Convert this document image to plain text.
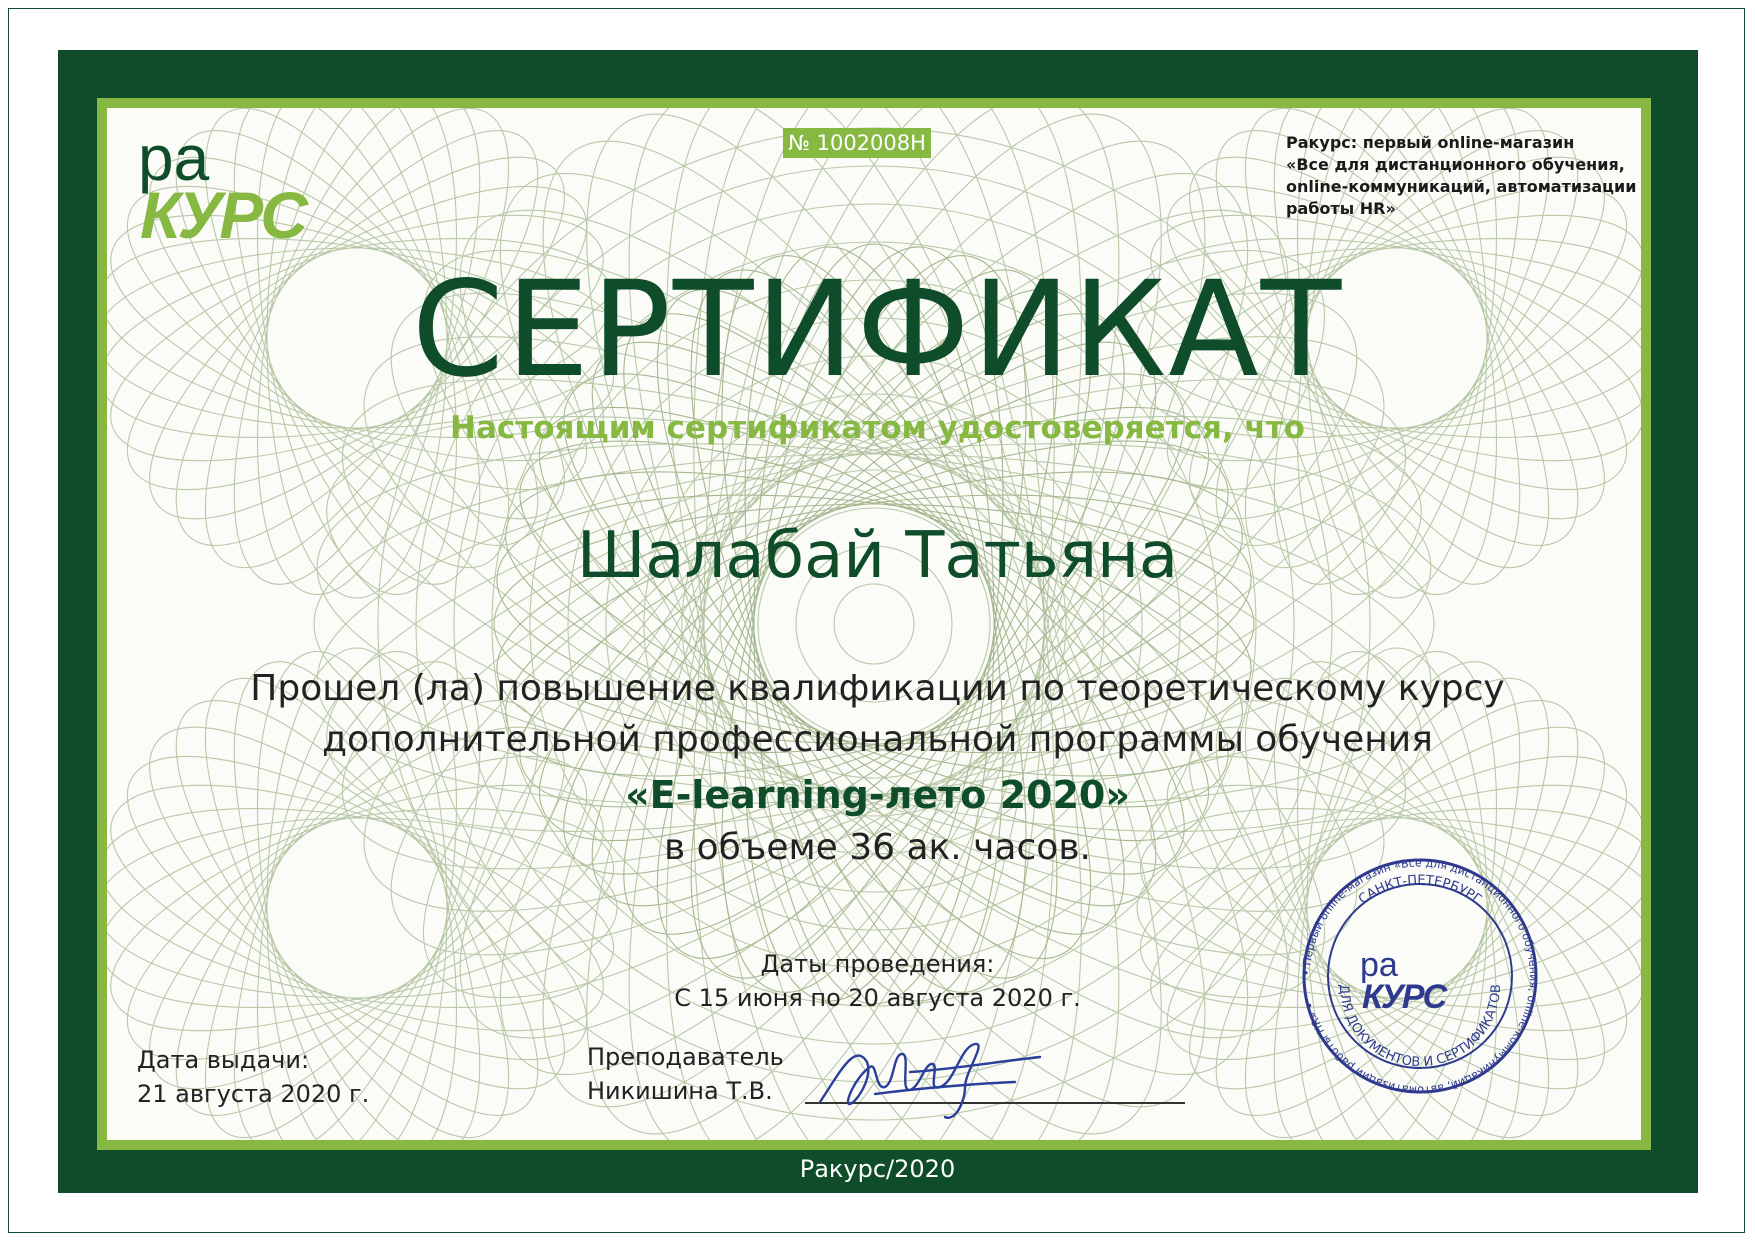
ра
КУРС
№ 1002008Н	Ракурс: первый online-магазин
«Все для дистанционного обучения,
online-коммуникаций, автоматизации
работы HR»
СЕРТИФИКАТ
Настоящим сертификатом удостоверяется, что
Шалабай Татьяна
Прошел (ла) повышение квалификации по теоретическому курсу
дополнительной профессиональной программы обучения
«E-learning-лето 2020»
в объеме 36 ак. часов.
Даты проведения:
С 15 июня по 20 августа 2020 г.
Дата выдачи:
21 августа 2020 г.
Преподаватель
Никишина Т.В.
• Первый online-магазин «Все для дистанционного обучения, online-коммуникаций, автоматизации работы HR» •
САНКТ-ПЕТЕРБУРГ
ДЛЯ ДОКУМЕНТОВ И СЕРТИФИКАТОВ
ра
КУРС
Ракурс/2020
